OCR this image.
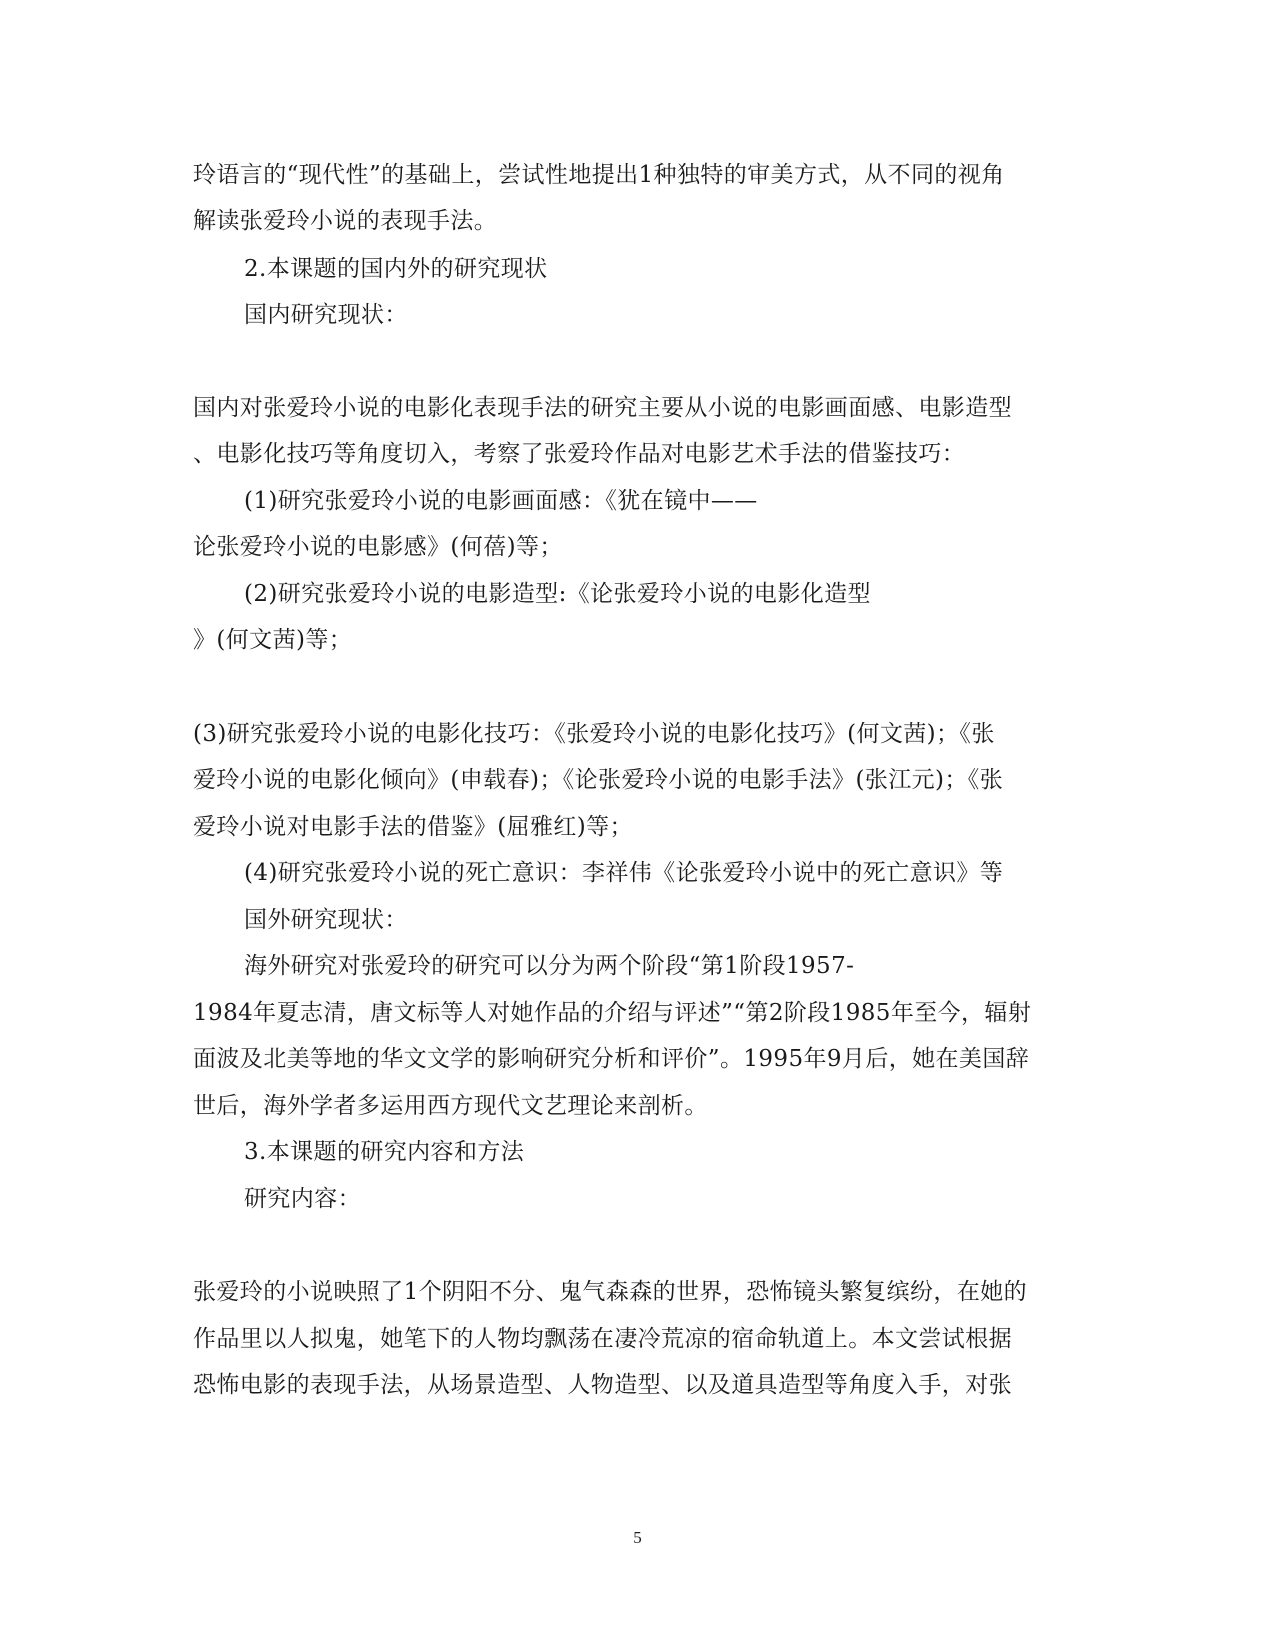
玲语言的“现代性”的基础上，尝试性地提出1种独特的审美方式，从不同的视角
解读张爱玲小说的表现手法。
2.本课题的国内外的研究现状
国内研究现状：
国内对张爱玲小说的电影化表现手法的研究主要从小说的电影画面感、电影造型
、电影化技巧等角度切入，考察了张爱玲作品对电影艺术手法的借鉴技巧：
(1)研究张爱玲小说的电影画面感：《犹在镜中——
论张爱玲小说的电影感》(何蓓)等；
(2)研究张爱玲小说的电影造型:《论张爱玲小说的电影化造型
》(何文茜)等；
(3)研究张爱玲小说的电影化技巧：《张爱玲小说的电影化技巧》(何文茜)；《张
爱玲小说的电影化倾向》(申载春)；《论张爱玲小说的电影手法》(张江元)；《张
爱玲小说对电影手法的借鉴》(屈雅红)等；
(4)研究张爱玲小说的死亡意识：李祥伟《论张爱玲小说中的死亡意识》等
国外研究现状：
海外研究对张爱玲的研究可以分为两个阶段“第1阶段1957-
1984年夏志清，唐文标等人对她作品的介绍与评述”“第2阶段1985年至今，辐射
面波及北美等地的华文文学的影响研究分析和评价”。1995年9月后，她在美国辞
世后，海外学者多运用西方现代文艺理论来剖析。
3.本课题的研究内容和方法
研究内容：
张爱玲的小说映照了1个阴阳不分、鬼气森森的世界，恐怖镜头繁复缤纷，在她的
作品里以人拟鬼，她笔下的人物均飘荡在凄冷荒凉的宿命轨道上。本文尝试根据
恐怖电影的表现手法，从场景造型、人物造型、以及道具造型等角度入手，对张
5
